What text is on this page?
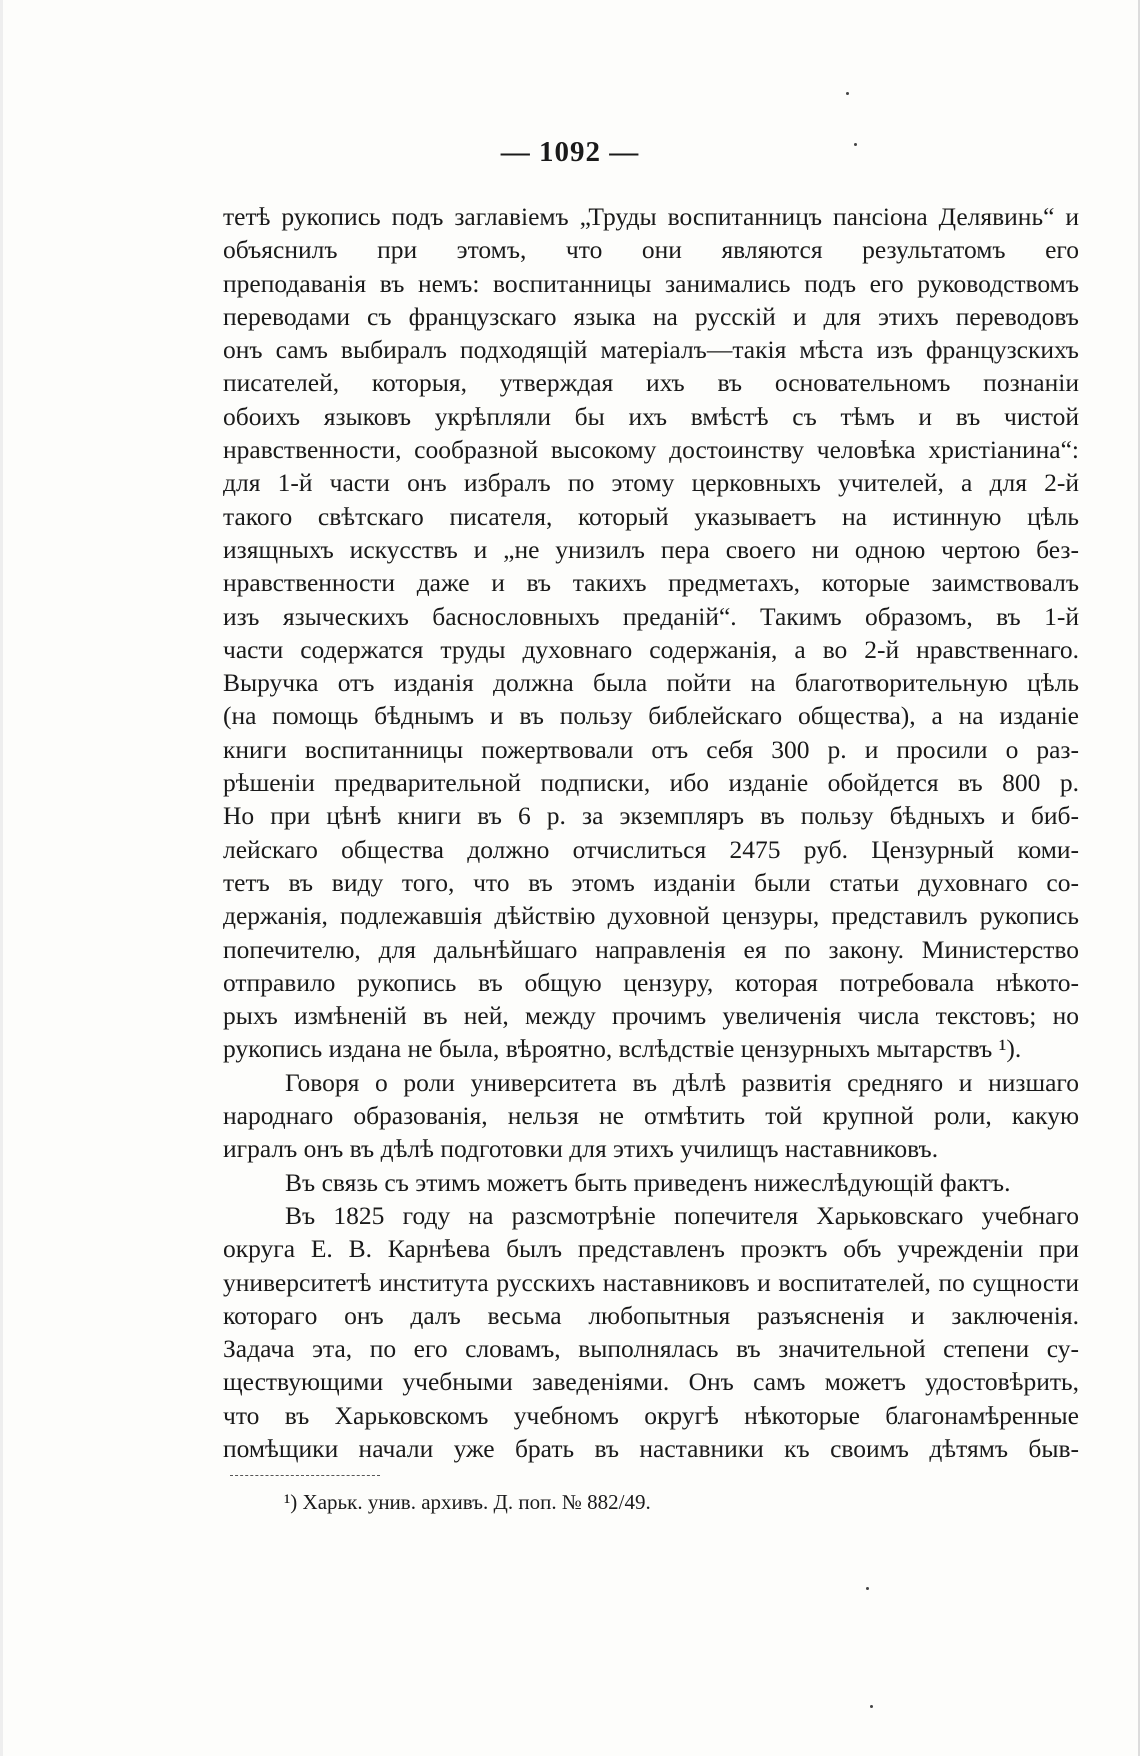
— 1092 —
тетѣ рукопись подъ заглавіемъ „Труды воспитанницъ пансіона Делявинь“ и объяснилъ при этомъ, что они являются результатомъ его
преподаванія въ немъ: воспитанницы занимались подъ его руководствомъ
переводами съ французскаго языка на русскій и для этихъ переводовъ
онъ самъ выбиралъ подходящій матеріалъ—такія мѣста изъ французскихъ писателей, которыя, утверждая ихъ въ основательномъ познаніи
обоихъ языковъ укрѣпляли бы ихъ вмѣстѣ съ тѣмъ и въ чистой
нравственности, сообразной высокому достоинству человѣка христіанина“:
для 1-й части онъ избралъ по этому церковныхъ учителей, а для 2-й
такого свѣтскаго писателя, который указываетъ на истинную цѣль
изящныхъ искусствъ и „не унизилъ пера своего ни одною чертою без-
нравственности даже и въ такихъ предметахъ, которые заимствовалъ
изъ языческихъ баснословныхъ преданій“. Такимъ образомъ, въ 1-й
части содержатся труды духовнаго содержанія, а во 2-й нравственнаго.
Выручка отъ изданія должна была пойти на благотворительную цѣль
(на помощь бѣднымъ и въ пользу библейскаго общества), а на изданіе
книги воспитанницы пожертвовали отъ себя 300 р. и просили о раз-
рѣшеніи предварительной подписки, ибо изданіе обойдется въ 800 р.
Но при цѣнѣ книги въ 6 р. за экземпляръ въ пользу бѣдныхъ и биб-
лейскаго общества должно отчислиться 2475 руб. Цензурный коми-
тетъ въ виду того, что въ этомъ изданіи были статьи духовнаго со-
держанія, подлежавшія дѣйствію духовной цензуры, представилъ рукопись
попечителю, для дальнѣйшаго направленія ея по закону. Министерство
отправило рукопись въ общую цензуру, которая потребовала нѣкото-
рыхъ измѣненій въ ней, между прочимъ увеличенія числа текстовъ; но
рукопись издана не была, вѣроятно, вслѣдствіе цензурныхъ мытарствъ ¹).
Говоря о роли университета въ дѣлѣ развитія средняго и низшаго
народнаго образованія, нельзя не отмѣтить той крупной роли, какую
игралъ онъ въ дѣлѣ подготовки для этихъ училищъ наставниковъ.
Въ связь съ этимъ можетъ быть приведенъ нижеслѣдующій фактъ.
Въ 1825 году на разсмотрѣніе попечителя Харьковскаго учебнаго
округа Е. В. Карнѣева былъ представленъ проэктъ объ учрежденіи при
университетѣ института русскихъ наставниковъ и воспитателей, по сущности которагo онъ далъ весьма любопытныя разъясненія и заключенія.
Задача эта, по его словамъ, выполнялась въ значительной степени су-
ществующими учебными заведеніями. Онъ самъ можетъ удостовѣрить,
что въ Харьковскомъ учебномъ округѣ нѣкоторые благонамѣренные
помѣщики начали уже брать въ наставники къ своимъ дѣтямъ быв-
¹) Харьк. унив. архивъ. Д. поп. № 882/49.
